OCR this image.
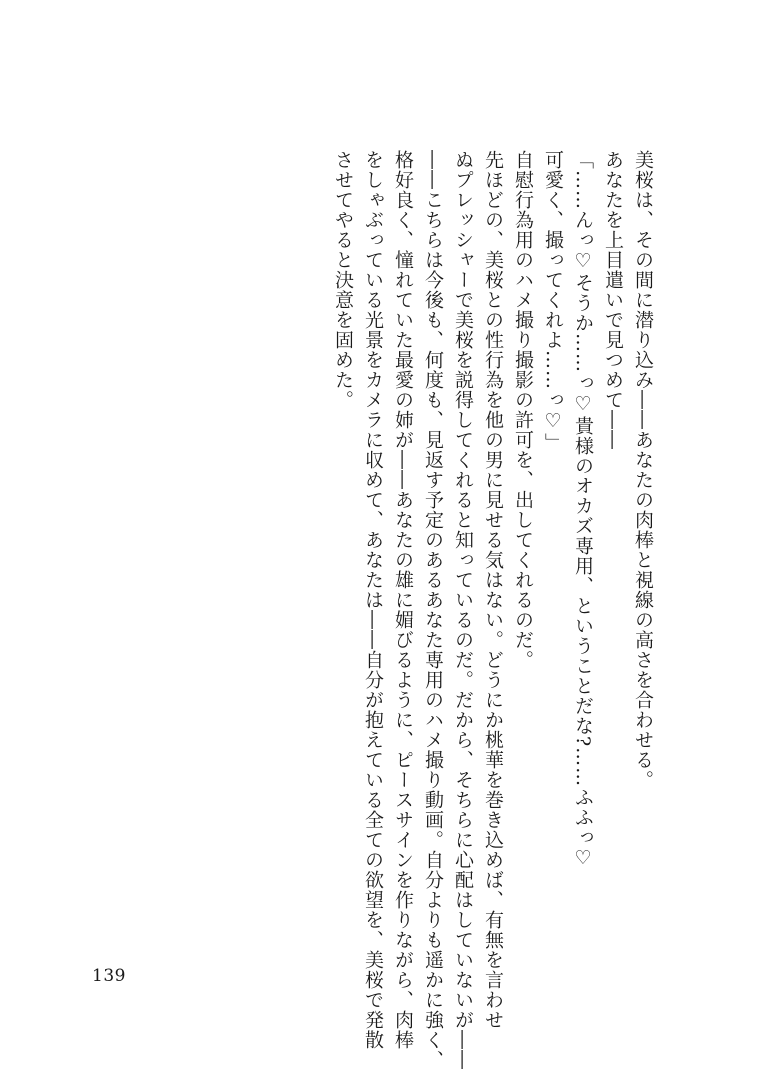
美桜は、その間に潜り込み――あなたの肉棒と視線の高さを合わせる。

あなたを上目遣いで見つめて――

「……んっ♡そうか……っ♡貴様のオカズ専用、ということだな?……ふふっ♡

可愛く、撮ってくれよ……っ♡」

自慰行為用のハメ撮り撮影の許可を、出してくれるのだ。

先ほどの、美桜との性行為を他の男に見せる気はない。どうにか桃華を巻き込めば、有無を言わせ

ぬプレッシャーで美桜を説得してくれると知っているのだ。だから、そちらに心配はしていないが――

――こちらは今後も、何度も、見返す予定のあるあなた専用のハメ撮り動画。自分よりも遥かに強く、

格好良く、憧れていた最愛の姉が――あなたの雄に媚びるように、ピースサインを作りながら、肉棒

をしゃぶっている光景をカメラに収めて、あなたは――自分が抱えている全ての欲望を、美桜で発散

させてやると決意を固めた。

139
